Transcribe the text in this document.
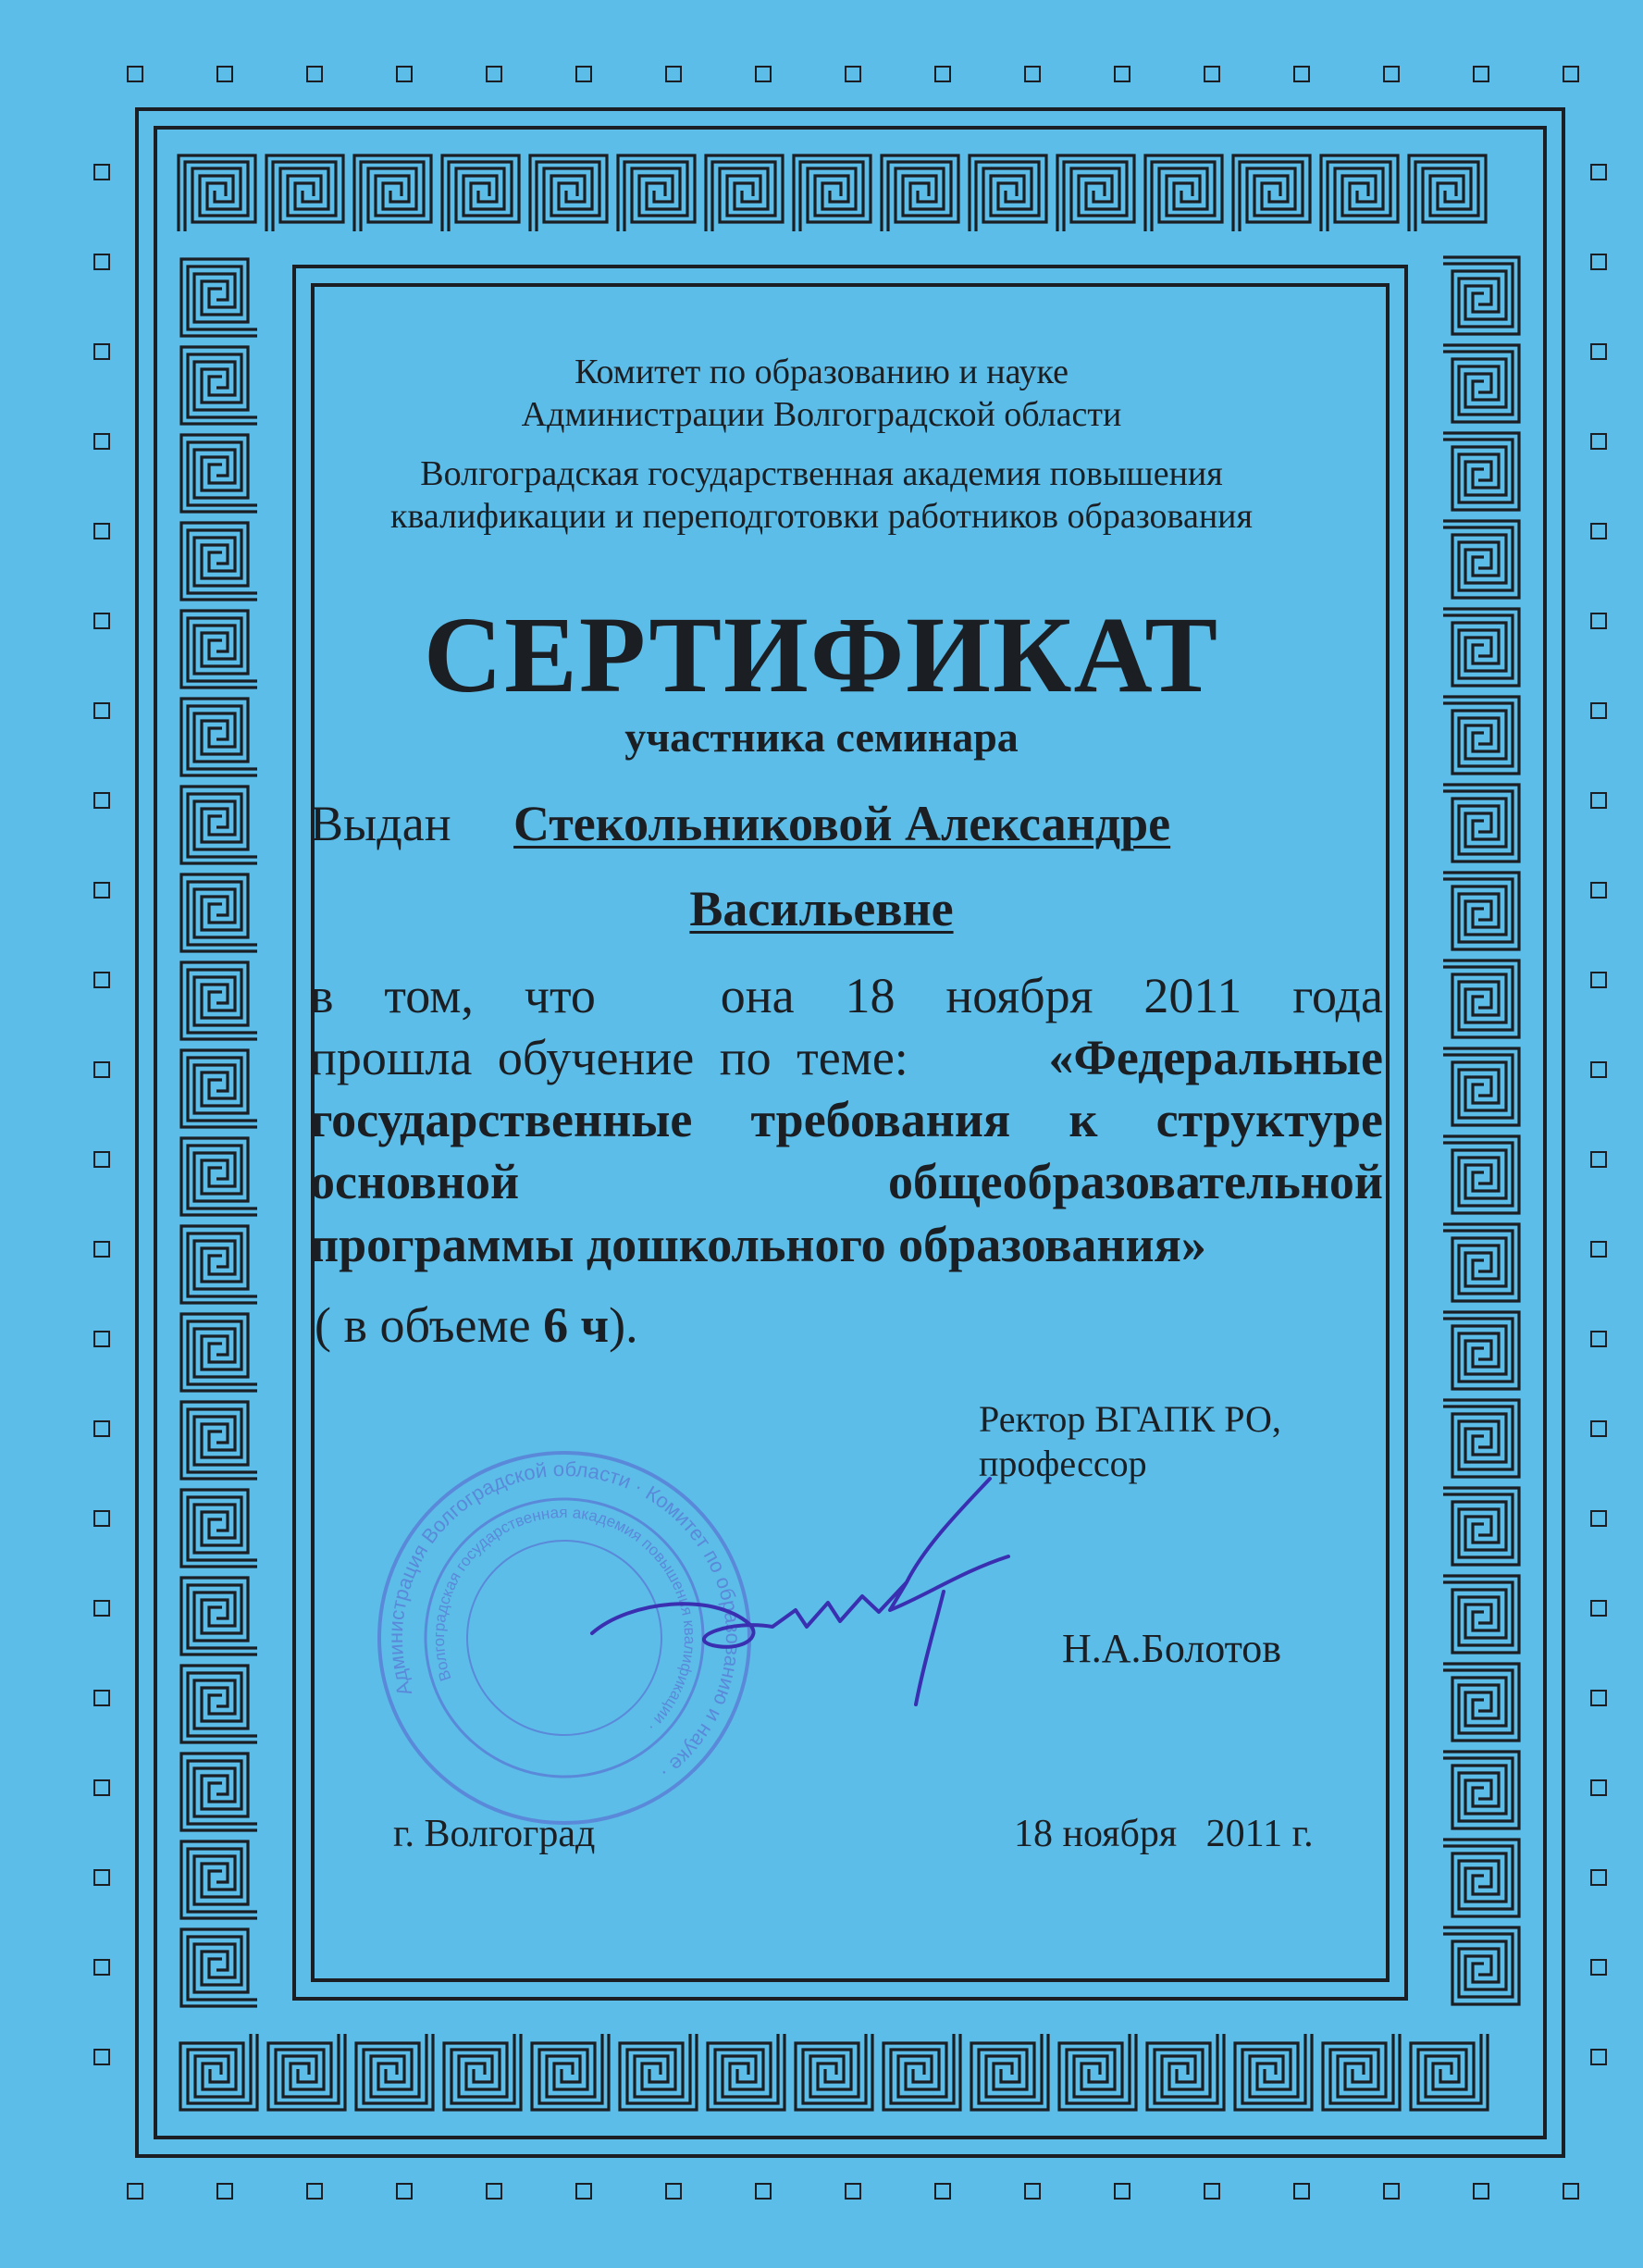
Комитет по образованию и науке
Администрации Волгоградской области
Волгоградская государственная академия повышения
квалификации и переподготовки работников образования
СЕРТИФИКАТ
участника семинара
Выдан Стекольниковой Александре
Васильевне
в том, что она 18 ноября 2011 года
прошла обучение по теме:	«Федеральные
государственные требования к структуре
основной	общеобразовательной
программы дошкольного образования»
( в объеме 6 ч).
Ректор ВГАПК РО,
профессор
Н.А.Болотов
Администрация Волгоградской области · Комитет по образованию и науке ·
Волгоградская государственная академия повышения квалификации ·
г. Волгоград	18 ноября   2011 г.
